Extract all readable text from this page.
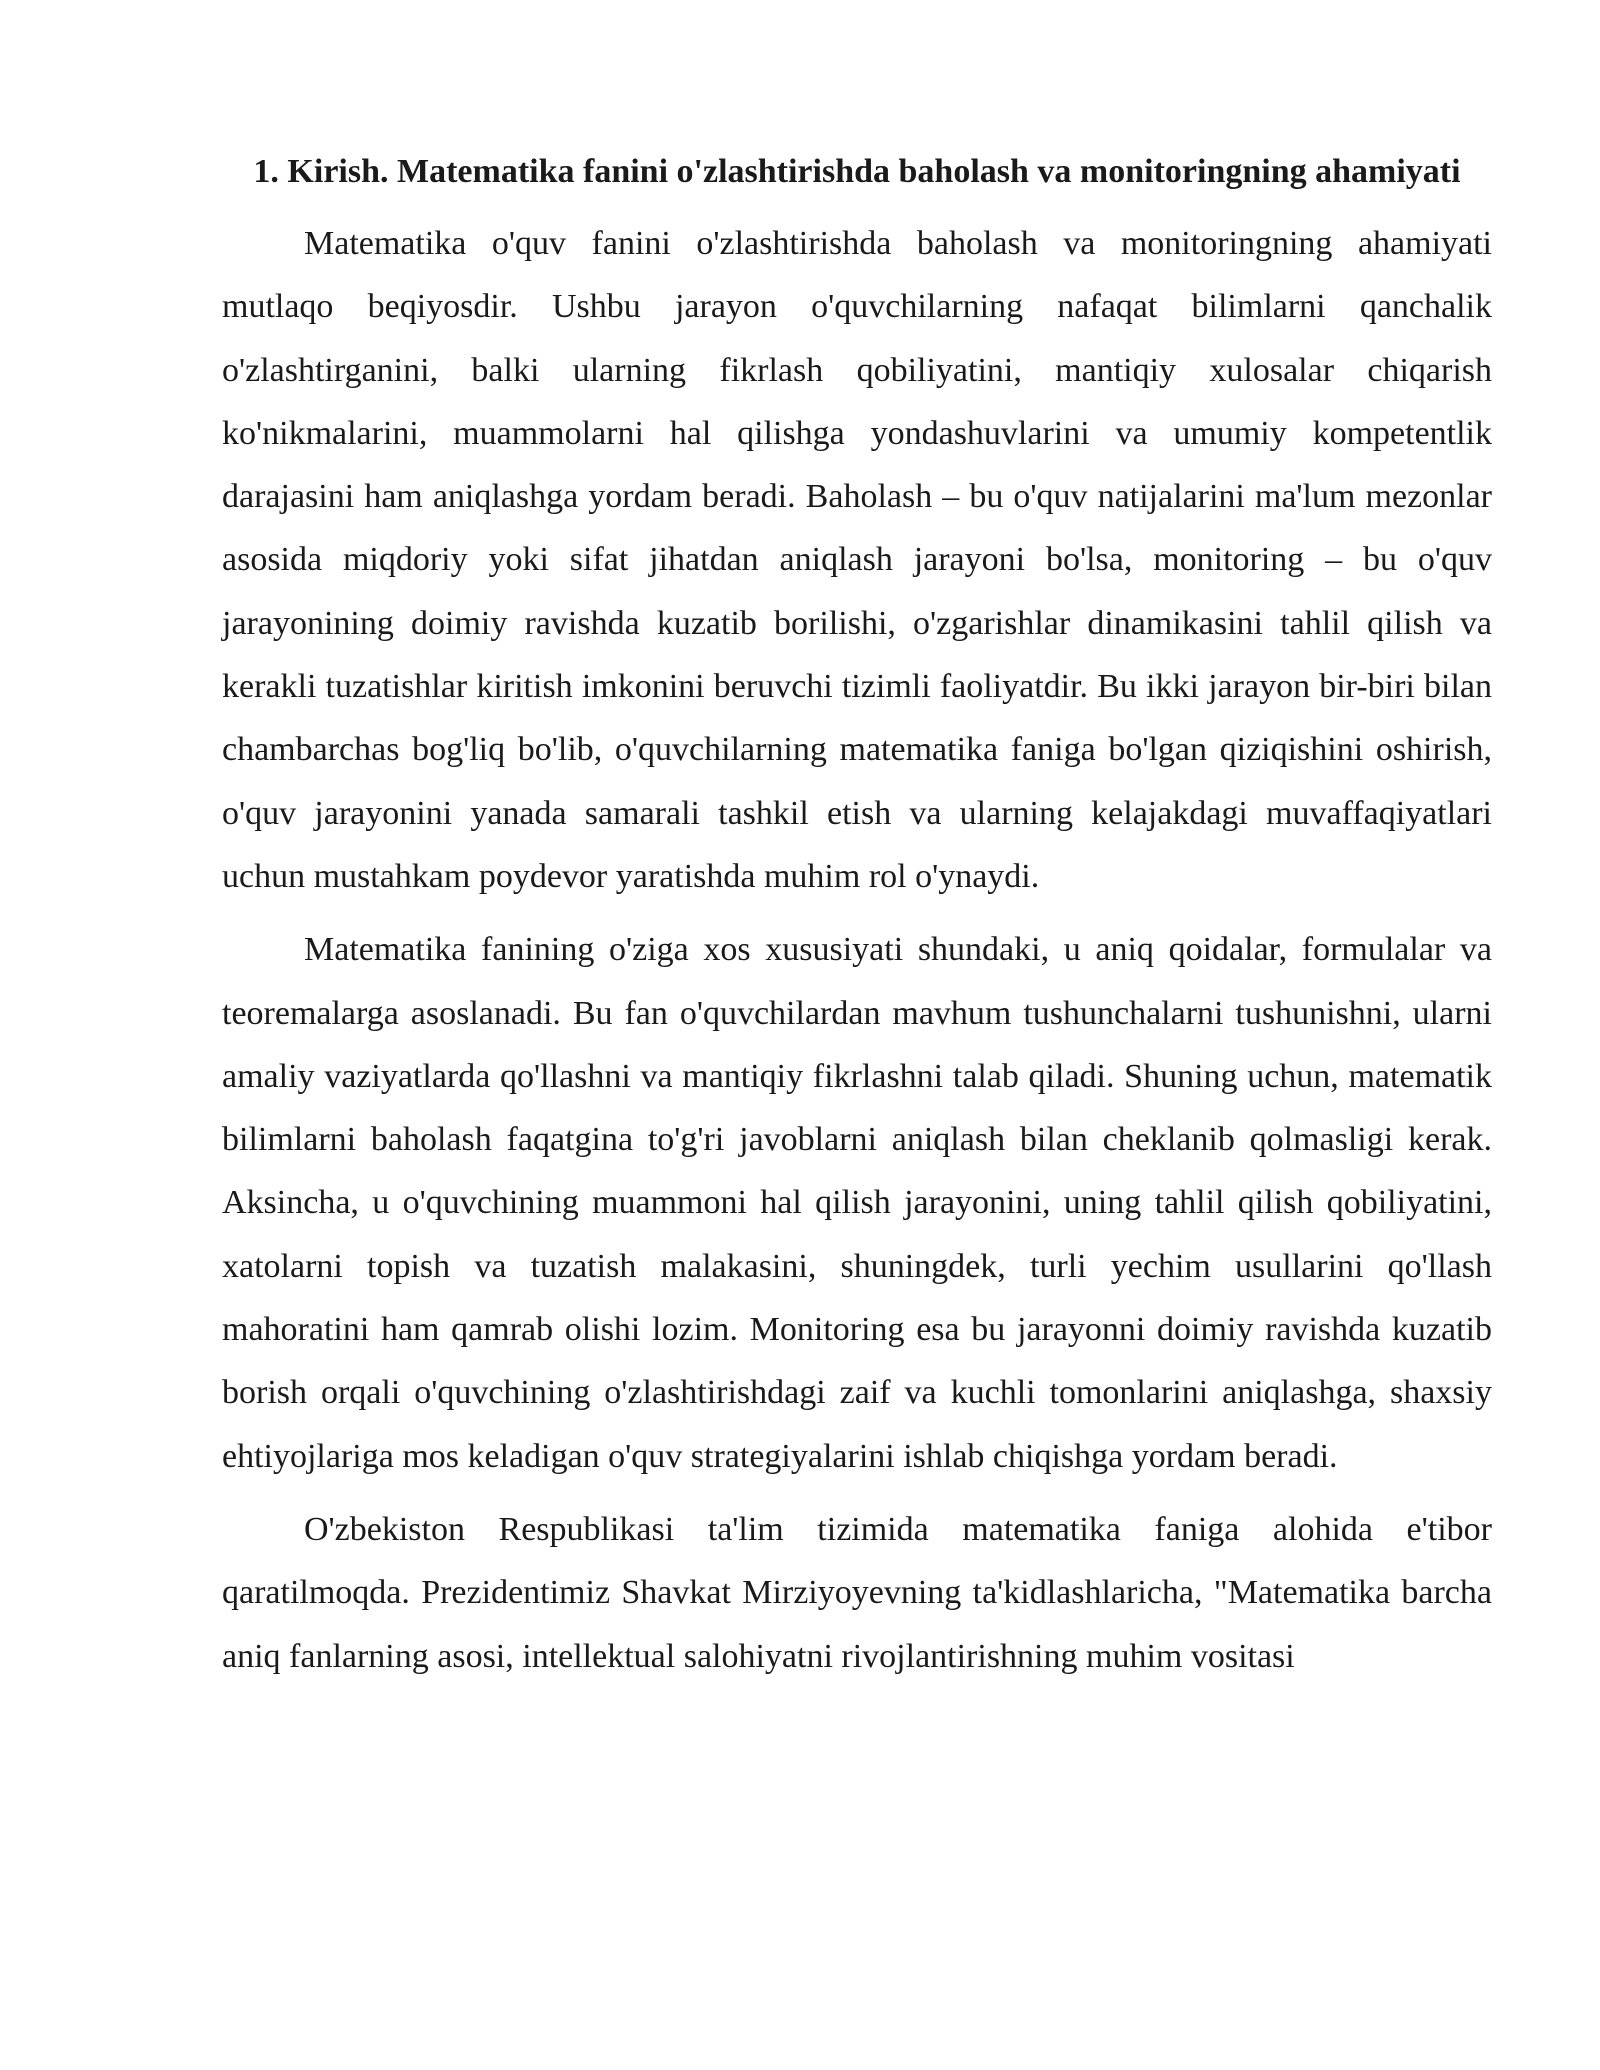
1. Kirish. Matematika fanini o'zlashtirishda baholash va monitoringning ahamiyati

Matematika o'quv fanini o'zlashtirishda baholash va monitoringning ahamiyati mutlaqo beqiyosdir. Ushbu jarayon o'quvchilarning nafaqat bilimlarni qanchalik o'zlashtirganini, balki ularning fikrlash qobiliyatini, mantiqiy xulosalar chiqarish ko'nikmalarini, muammolarni hal qilishga yondashuvlarini va umumiy kompetentlik darajasini ham aniqlashga yordam beradi. Baholash – bu o'quv natijalarini ma'lum mezonlar asosida miqdoriy yoki sifat jihatdan aniqlash jarayoni bo'lsa, monitoring – bu o'quv jarayonining doimiy ravishda kuzatib borilishi, o'zgarishlar dinamikasini tahlil qilish va kerakli tuzatishlar kiritish imkonini beruvchi tizimli faoliyatdir. Bu ikki jarayon bir-biri bilan chambarchas bog'liq bo'lib, o'quvchilarning matematika faniga bo'lgan qiziqishini oshirish, o'quv jarayonini yanada samarali tashkil etish va ularning kelajakdagi muvaffaqiyatlari uchun mustahkam poydevor yaratishda muhim rol o'ynaydi.

Matematika fanining o'ziga xos xususiyati shundaki, u aniq qoidalar, formulalar va teoremalarga asoslanadi. Bu fan o'quvchilardan mavhum tushunchalarni tushunishni, ularni amaliy vaziyatlarda qo'llashni va mantiqiy fikrlashni talab qiladi. Shuning uchun, matematik bilimlarni baholash faqatgina to'g'ri javoblarni aniqlash bilan cheklanib qolmasligi kerak. Aksincha, u o'quvchining muammoni hal qilish jarayonini, uning tahlil qilish qobiliyatini, xatolarni topish va tuzatish malakasini, shuningdek, turli yechim usullarini qo'llash mahoratini ham qamrab olishi lozim. Monitoring esa bu jarayonni doimiy ravishda kuzatib borish orqali o'quvchining o'zlashtirishdagi zaif va kuchli tomonlarini aniqlashga, shaxsiy ehtiyojlariga mos keladigan o'quv strategiyalarini ishlab chiqishga yordam beradi.

O'zbekiston Respublikasi ta'lim tizimida matematika faniga alohida e'tibor qaratilmoqda. Prezidentimiz Shavkat Mirziyoyevning ta'kidlashlaricha, "Matematika barcha aniq fanlarning asosi, intellektual salohiyatni rivojlantirishning muhim vositasi
